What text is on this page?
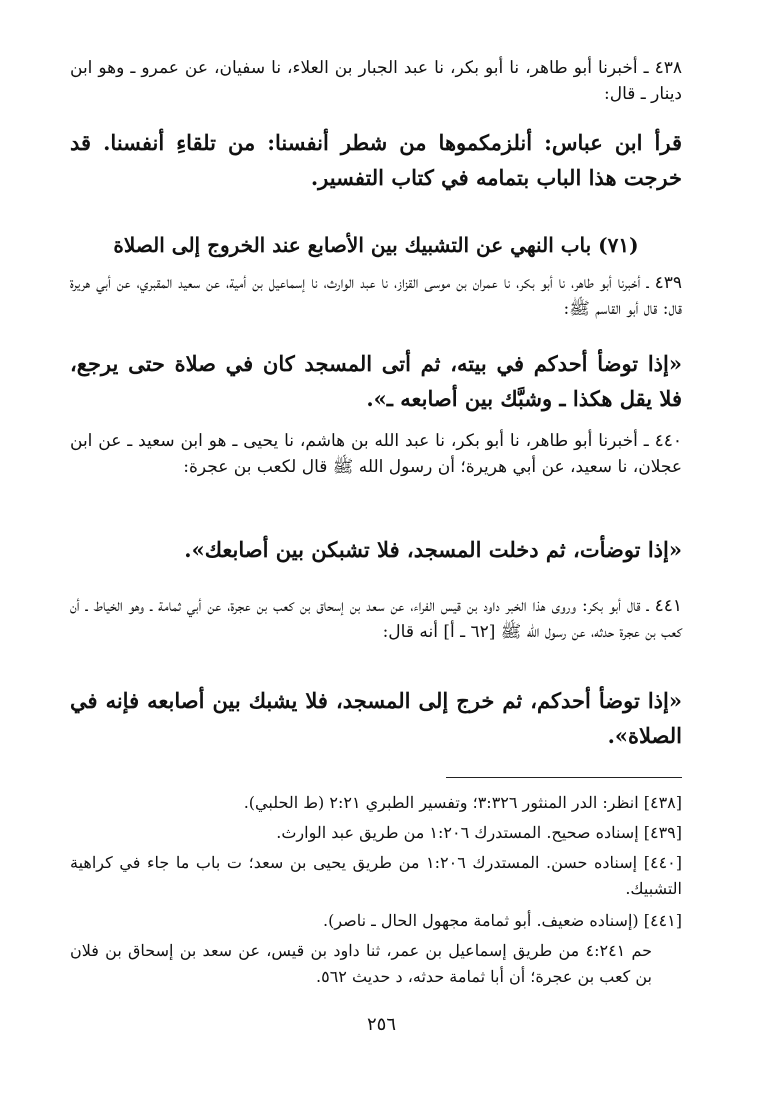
٤٣٨ ـ أخبرنا أبو طاهر، نا أبو بكر، نا عبد الجبار بن العلاء، نا سفيان، عن عمرو ـ وهو ابن دينار ـ قال:
قرأ ابن عباس: أنلزمكموها من شطر أنفسنا: من تلقاءِ أنفسنا. قد خرجت هذا الباب بتمامه في كتاب التفسير.
(٧١) باب النهي عن التشبيك بين الأصابع عند الخروج إلى الصلاة
٤٣٩ ـ أخبرنا أبو طاهر، نا أبو بكر، نا عمران بن موسى القزاز، نا عبد الوارث، نا إسماعيل بن أمية، عن سعيد المقبري، عن أبي هريرة قال: قال أبو القاسم ﷺ:
«إذا توضأ أحدكم في بيته، ثم أتى المسجد كان في صلاة حتى يرجع، فلا يقل هكذا ـ وشبَّك بين أصابعه ـ».
٤٤٠ ـ أخبرنا أبو طاهر، نا أبو بكر، نا عبد الله بن هاشم، نا يحيى ـ هو ابن سعيد ـ عن ابن عجلان، نا سعيد، عن أبي هريرة؛ أن رسول الله ﷺ قال لكعب بن عجرة:
«إذا توضأت، ثم دخلت المسجد، فلا تشبكن بين أصابعك».
٤٤١ ـ قال أبو بكر: وروى هذا الخبر داود بن قيس الفراء، عن سعد بن إسحاق بن كعب بن عجرة، عن أبي ثمامة ـ وهو الخياط ـ أن كعب بن عجرة حدثه، عن رسول الله ﷺ [٦٢ ـ أ] أنه قال:
«إذا توضأ أحدكم، ثم خرج إلى المسجد، فلا يشبك بين أصابعه فإنه في الصلاة».
[٤٣٨] انظر: الدر المنثور ٣:٣٢٦؛ وتفسير الطبري ٢:٢١ (ط الحلبي).
[٤٣٩] إسناده صحيح. المستدرك ١:٢٠٦ من طريق عبد الوارث.
[٤٤٠] إسناده حسن. المستدرك ١:٢٠٦ من طريق يحيى بن سعد؛ ت باب ما جاء في كراهية التشبيك.
[٤٤١] (إسناده ضعيف. أبو ثمامة مجهول الحال ـ ناصر).
حم ٤:٢٤١ من طريق إسماعيل بن عمر، ثنا داود بن قيس، عن سعد بن إسحاق بن فلان بن كعب بن عجرة؛ أن أبا ثمامة حدثه، د حديث ٥٦٢.
٢٥٦
